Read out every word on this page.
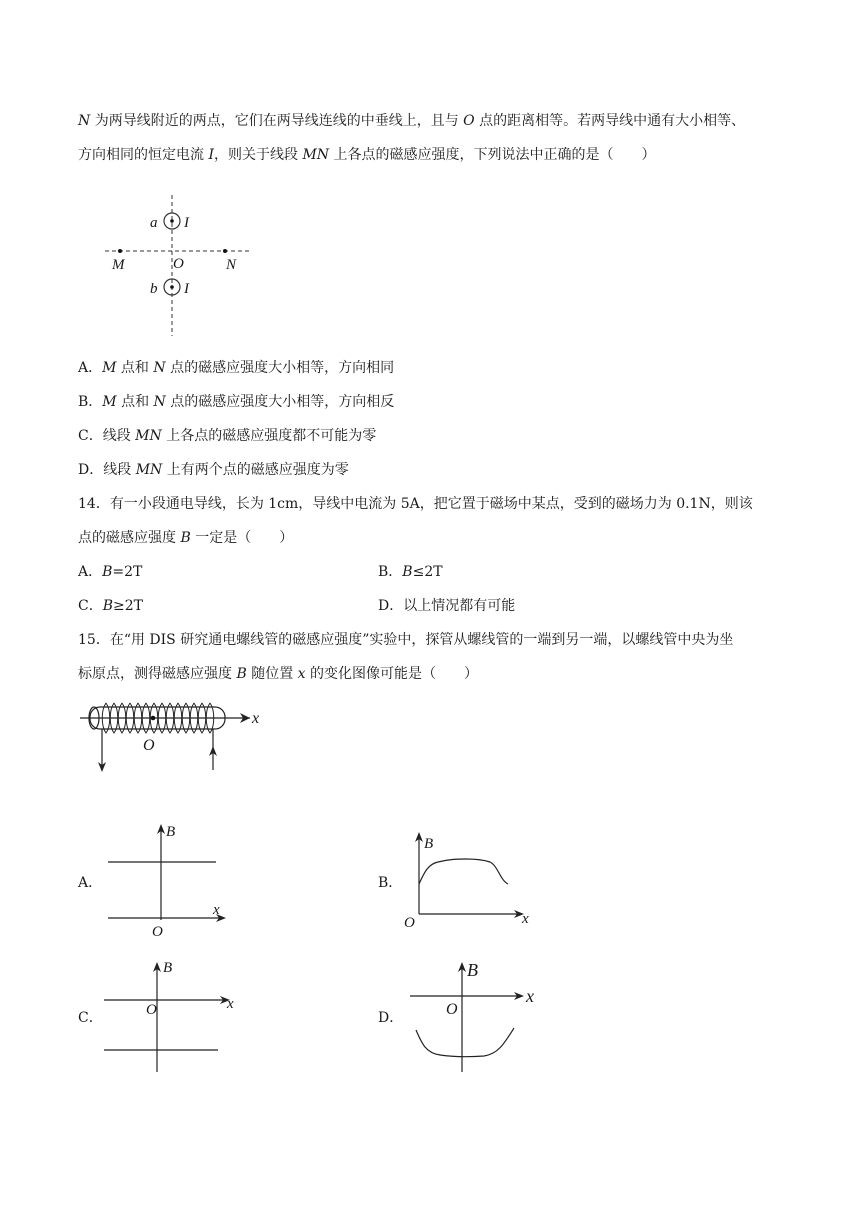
N 为两导线附近的两点，它们在两导线连线的中垂线上，且与 O 点的距离相等。若两导线中通有大小相等、
方向相同的恒定电流 I，则关于线段 MN 上各点的磁感应强度，下列说法中正确的是（　　）
a I
b I
M	O	N
A．M 点和 N 点的磁感应强度大小相等，方向相同
B．M 点和 N 点的磁感应强度大小相等，方向相反
C．线段 MN 上各点的磁感应强度都不可能为零
D．线段 MN 上有两个点的磁感应强度为零
14．有一小段通电导线，长为 1cm，导线中电流为 5A，把它置于磁场中某点，受到的磁场力为 0.1N，则该
点的磁感应强度 B 一定是（　　）
A．B=2T	B．B≤2T
C．B≥2T	D．以上情况都有可能
15．在“用 DIS 研究通电螺线管的磁感应强度”实验中，探管从螺线管的一端到另一端，以螺线管中央为坐
标原点，测得磁感应强度 B 随位置 x 的变化图像可能是（　　）
x
O
A．
B
x
O
B．
B
x
O
C．
B
x
O	D．
B
x
O
